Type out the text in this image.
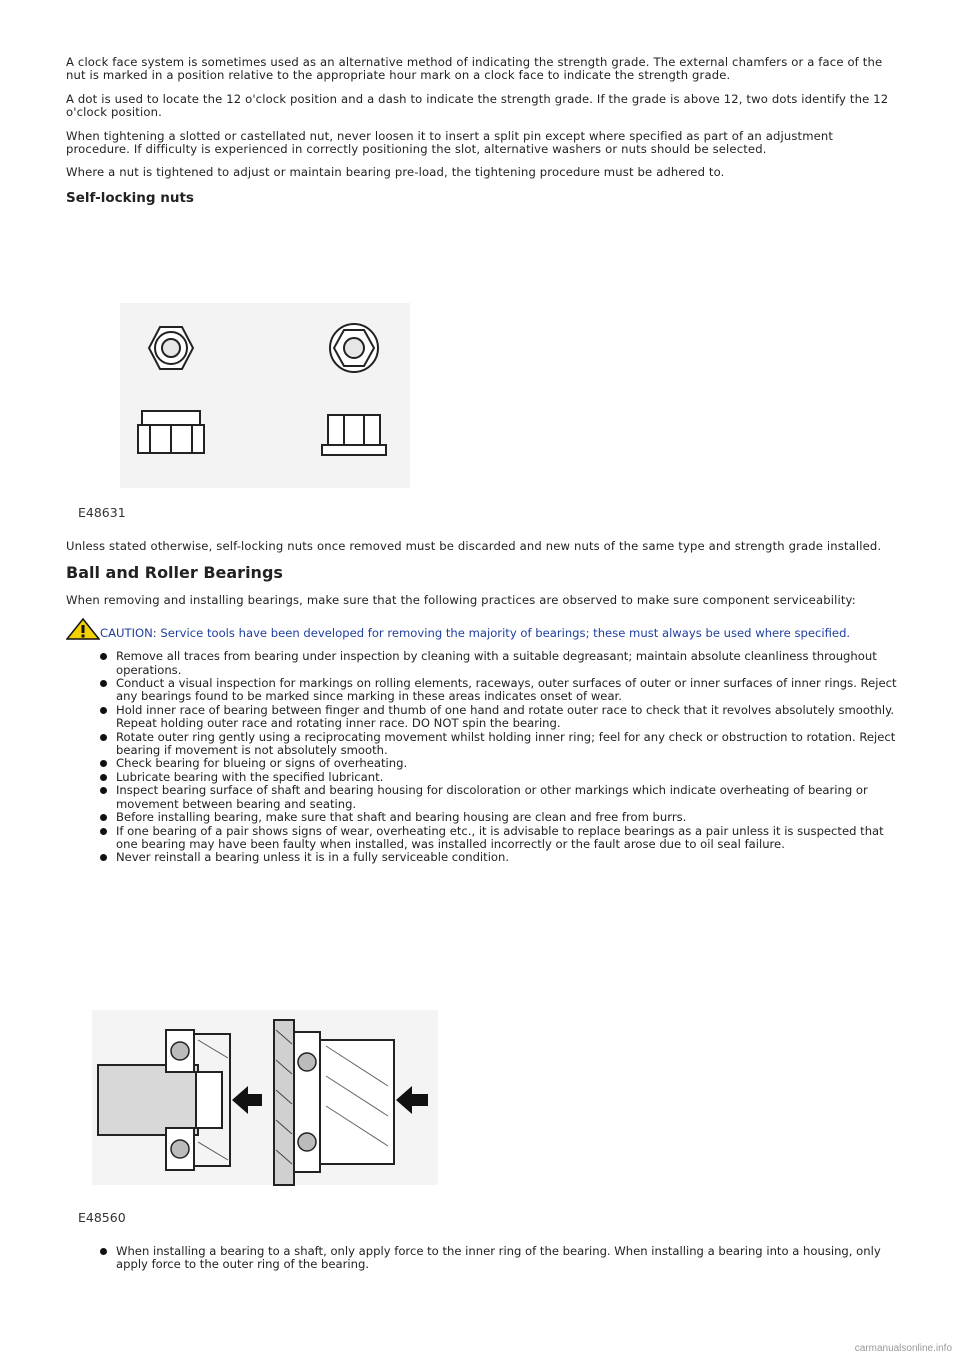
A clock face system is sometimes used as an alternative method of indicating the strength grade. The external chamfers or a face of the nut is marked in a position relative to the appropriate hour mark on a clock face to indicate the strength grade.

A dot is used to locate the 12 o'clock position and a dash to indicate the strength grade. If the grade is above 12, two dots identify the 12 o'clock position.

When tightening a slotted or castellated nut, never loosen it to insert a split pin except where specified as part of an adjustment procedure. If difficulty is experienced in correctly positioning the slot, alternative washers or nuts should be selected.

Where a nut is tightened to adjust or maintain bearing pre-load, the tightening procedure must be adhered to.

Self-locking nuts
E48631

Unless stated otherwise, self-locking nuts once removed must be discarded and new nuts of the same type and strength grade installed.

Ball and Roller Bearings

When removing and installing bearings, make sure that the following practices are observed to make sure component serviceability:

CAUTION: Service tools have been developed for removing the majority of bearings; these must always be used where specified.
Remove all traces from bearing under inspection by cleaning with a suitable degreasant; maintain absolute cleanliness throughout operations.
Conduct a visual inspection for markings on rolling elements, raceways, outer surfaces of outer or inner surfaces of inner rings. Reject any bearings found to be marked since marking in these areas indicates onset of wear.
Hold inner race of bearing between finger and thumb of one hand and rotate outer race to check that it revolves absolutely smoothly. Repeat holding outer race and rotating inner race. DO NOT spin the bearing.
Rotate outer ring gently using a reciprocating movement whilst holding inner ring; feel for any check or obstruction to rotation. Reject bearing if movement is not absolutely smooth.
Check bearing for blueing or signs of overheating.
Lubricate bearing with the specified lubricant.
Inspect bearing surface of shaft and bearing housing for discoloration or other markings which indicate overheating of bearing or movement between bearing and seating.
Before installing bearing, make sure that shaft and bearing housing are clean and free from burrs.
If one bearing of a pair shows signs of wear, overheating etc., it is advisable to replace bearings as a pair unless it is suspected that one bearing may have been faulty when installed, was installed incorrectly or the fault arose due to oil seal failure.
Never reinstall a bearing unless it is in a fully serviceable condition.
E48560
When installing a bearing to a shaft, only apply force to the inner ring of the bearing. When installing a bearing into a housing, only apply force to the outer ring of the bearing.
carmanualsonline.info
